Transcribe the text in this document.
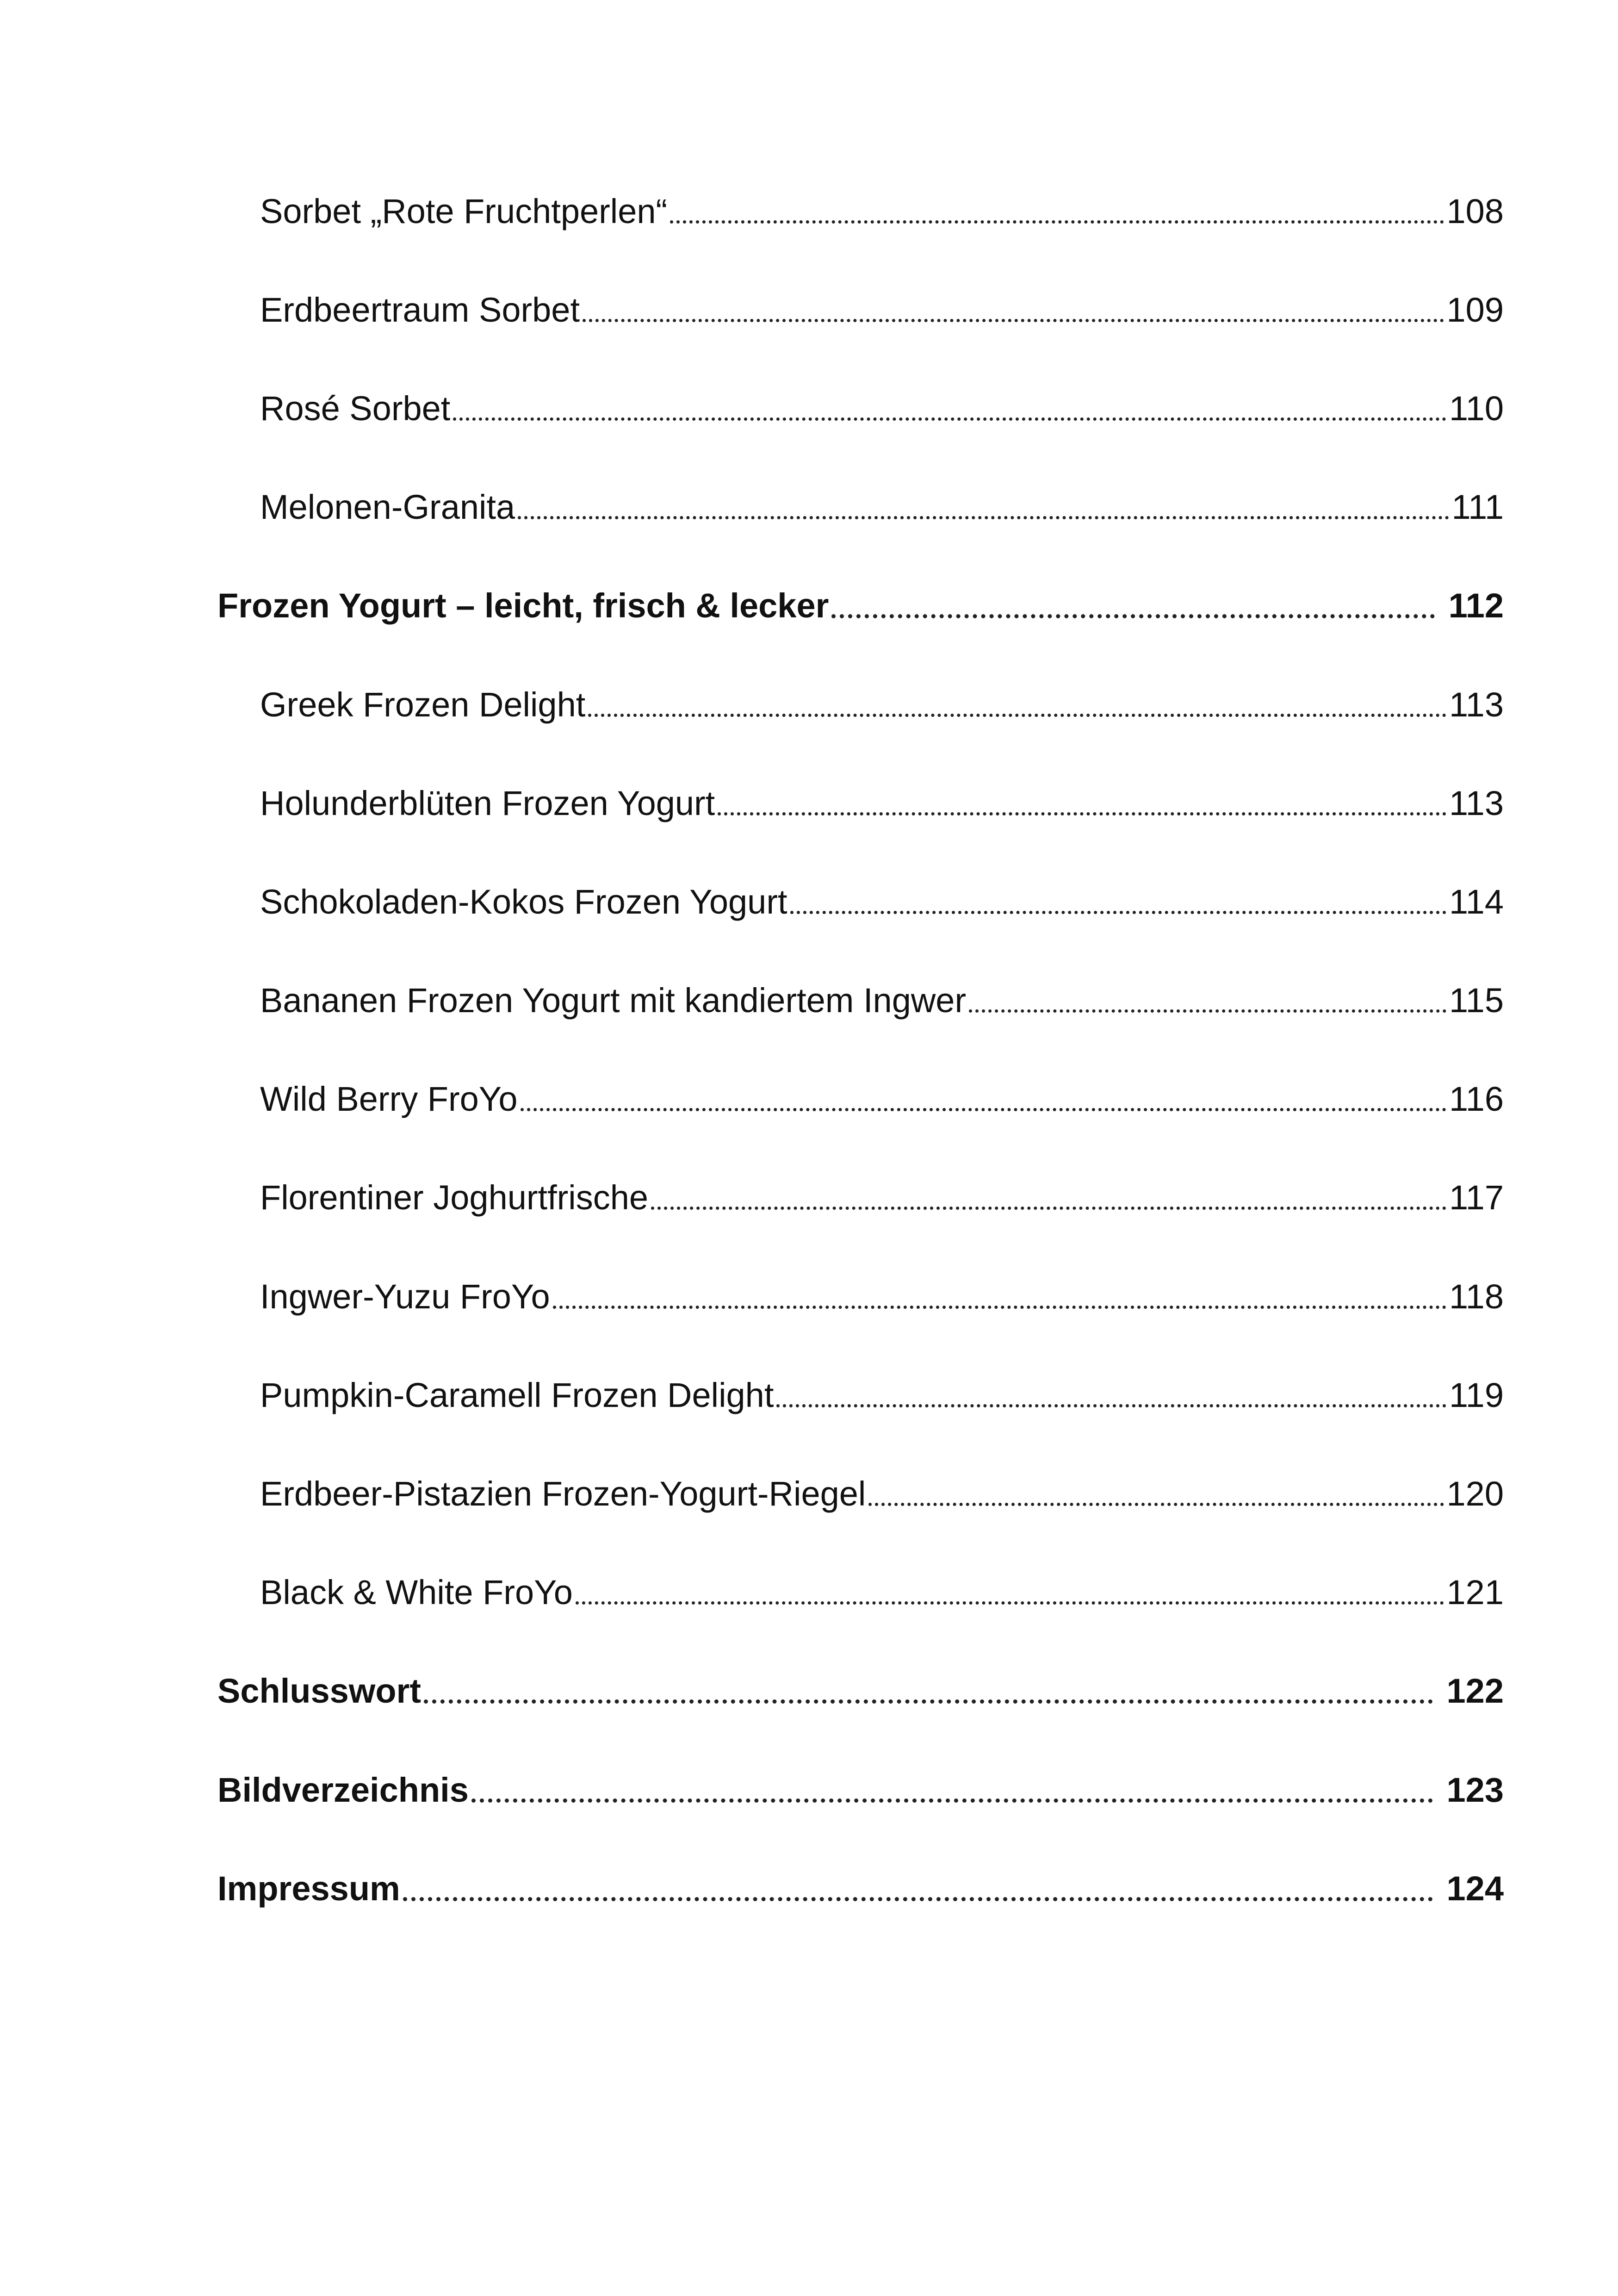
Sorbet „Rote Fruchtperlen“	108
Erdbeertraum Sorbet	109
Rosé Sorbet	110
Melonen-Granita	111
Frozen Yogurt – leicht, frisch & lecker	112
Greek Frozen Delight	113
Holunderblüten Frozen Yogurt	113
Schokoladen-Kokos Frozen Yogurt	114
Bananen Frozen Yogurt mit kandiertem Ingwer	115
Wild Berry FroYo	116
Florentiner Joghurtfrische	117
Ingwer-Yuzu FroYo	118
Pumpkin-Caramell Frozen Delight	119
Erdbeer-Pistazien Frozen-Yogurt-Riegel	120
Black & White FroYo	121
Schlusswort	122
Bildverzeichnis	123
Impressum	124
